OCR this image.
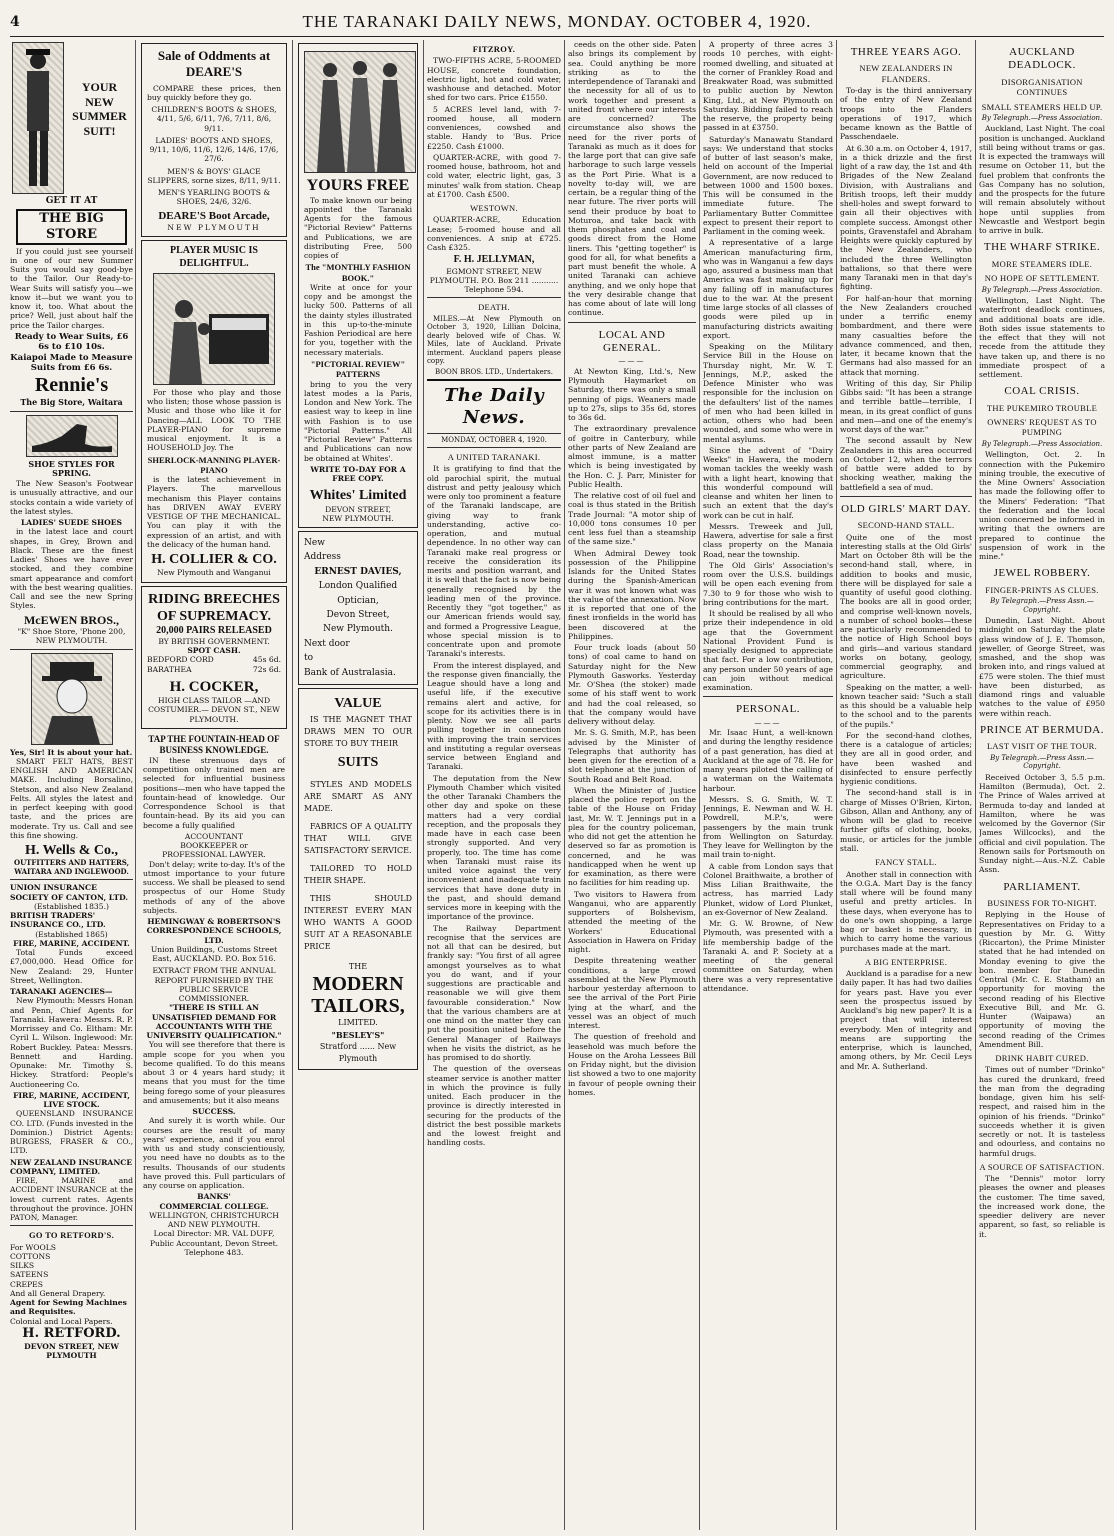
4	THE TARANAKI DAILY NEWS, MONDAY. OCTOBER 4, 1920.
YOUR
NEW
SUMMER
SUIT!
GET IT AT
THE BIG STORE
If you could just see yourself in one of our new Summer Suits you would say good-bye to the Tailor. Our Ready-to-Wear Suits will satisfy you—we know it—but we want you to know it, too. What about the price? Well, just about half the price the Tailor charges.
Ready to Wear Suits, £6 6s to £10 10s.
Kaiapoi Made to Measure Suits from £6 6s.
Rennie's
The Big Store, Waitara
SHOE STYLES FOR SPRING.
The New Season's Footwear is unusually attractive, and our stocks contain a wide variety of the latest styles.
LADIES' SUEDE SHOES
in the latest lace and court shapes, in Grey, Brown and Black. These are the finest Ladies' Shoes we have ever stocked, and they combine smart appearance and comfort with the best wearing qualities. Call and see the new Spring Styles.
McEWEN BROS.,
"K" Shoe Store, 'Phone 200, NEW PLYMOUTH.
Yes, Sir! It is about your hat.
SMART FELT HATS, BEST ENGLISH AND AMERICAN MAKE. Including Borsalino, Stetson, and also New Zealand Felts. All styles the latest and in perfect keeping with good taste, and the prices are moderate. Try us. Call and see this fine showing.
H. Wells & Co.,
OUTFITTERS AND HATTERS, WAITARA AND INGLEWOOD.
UNION INSURANCE SOCIETY OF CANTON, LTD.
(Established 1835.)
BRITISH TRADERS' INSURANCE CO., LTD.
(Established 1865)
FIRE, MARINE, ACCIDENT.
Total Funds exceed £7,000,000. Head Office for New Zealand: 29, Hunter Street, Wellington.
TARANAKI AGENCIES—
New Plymouth: Messrs Honan and Penn, Chief Agents for Taranaki. Hawera: Messrs. R. P. Morrissey and Co. Eltham: Mr. Cyril L. Wilson. Inglewood: Mr. Robert Buckley. Patea: Messrs. Bennett and Harding. Opunake: Mr. Timothy S. Hickey. Stratford: People's Auctioneering Co.
FIRE, MARINE, ACCIDENT, LIVE STOCK.
QUEENSLAND INSURANCE CO. LTD. (Funds invested in the Dominion.) District Agents: BURGESS, FRASER & CO., LTD.
NEW ZEALAND INSURANCE COMPANY, LIMITED.
FIRE, MARINE and ACCIDENT INSURANCE at the lowest current rates. Agents throughout the province. JOHN PATON, Manager.
GO TO RETFORD'S.
For WOOLS
COTTONS
SILKS
SATEENS
CREPES
And all General Drapery.
Agent for Sewing Machines and Requisites.
Colonial and Local Papers.
H. RETFORD.
DEVON STREET, NEW PLYMOUTH
Sale of Oddments at DEARE'S
COMPARE these prices, then buy quickly before they go.
CHILDREN'S BOOTS & SHOES, 4/11, 5/6, 6/11, 7/6, 7/11, 8/6, 9/11.
LADIES' BOOTS AND SHOES, 9/11, 10/6, 11/6, 12/6, 14/6, 17/6, 27/6.
MEN'S & BOYS' GLACE SLIPPERS, sorne sizes, 8/11, 9/11.
MEN'S YEARLING BOOTS & SHOES, 24/6, 32/6.
DEARE'S Boot Arcade,
NEW PLYMOUTH
PLAYER MUSIC IS DELIGHTFUL.
For those who play and those who listen; those whose passion is Music and those who like it for Dancing—ALL LOOK TO THE PLAYER-PIANO for supreme musical enjoyment. It is a HOUSEHOLD Joy. The
SHERLOCK-MANNING PLAYER-PIANO
is the latest achievement in Players. The marvellous mechanism this Player contains has DRIVEN AWAY EVERY VESTIGE OF THE MECHANICAL. You can play it with the expression of an artist, and with the delicacy of the human hand.
H. COLLIER & CO.
New Plymouth and Wanganui
RIDING BREECHES OF SUPREMACY.
20,000 PAIRS RELEASED
BY BRITISH GOVERNMENT.
SPOT CASH.
BEDFORD CORD	45s 6d.
BARATHEA	72s 6d.
H. COCKER,
HIGH CLASS TAILOR —AND COSTUMIER.— DEVON ST., NEW PLYMOUTH.
TAP THE FOUNTAIN-HEAD OF BUSINESS KNOWLEDGE.
IN these strenuous days of competition only trained men are selected for influential business positions—men who have tapped the fountain-head of knowledge. Our Correspondence School is that fountain-head. By its aid you can become a fully qualified
ACCOUNTANT
BOOKKEEPER or
PROFESSIONAL LAWYER.
Don't delay; write to-day. It's of the utmost importance to your future success. We shall be pleased to send prospectus of our Home Study methods of any of the above subjects.
HEMINGWAY & ROBERTSON'S CORRESPONDENCE SCHOOLS, LTD.
Union Buildings, Customs Street East, AUCKLAND. P.O. Box 516.
EXTRACT FROM THE ANNUAL REPORT FURNISHED BY THE PUBLIC SERVICE COMMISSIONER.
"THERE IS STILL AN UNSATISFIED DEMAND FOR ACCOUNTANTS WITH THE UNIVERSITY QUALIFICATION."
You will see therefore that there is ample scope for you when you become qualified. To do this means about 3 or 4 years hard study; it means that you must for the time being forego some of your pleasures and amusements; but it also means
SUCCESS.
And surely it is worth while. Our courses are the result of many years' experience, and if you enrol with us and study conscientiously, you need have no doubts as to the results. Thousands of our students have proved this. Full particulars of any course on application.
BANKS'
COMMERCIAL COLLEGE.
WELLINGTON, CHRISTCHURCH AND NEW PLYMOUTH.
Local Director: MR. VAL DUFF,
Public Accountant, Devon Street. Telephone 483.
YOURS FREE
To make known our being appointed the Taranaki Agents for the famous "Pictorial Review" Patterns and Publications, we are distributing Free, 500 copies of
The "MONTHLY FASHION BOOK."
Write at once for your copy and be amongst the lucky 500. Patterns of all the dainty styles illustrated in this up-to-the-minute Fashion Periodical are here for you, together with the necessary materials.
"PICTORIAL REVIEW" PATTERNS
bring to you the very latest modes a la Paris, London and New York. The easiest way to keep in line with Fashion is to use "Pictorial Patterns." All "Pictorial Review" Patterns and Publications can now be obtained at Whites'.
WRITE TO-DAY FOR A FREE COPY.
Whites' Limited
DEVON STREET,
NEW PLYMOUTH.
New
Address
ERNEST DAVIES,
London Qualified Optician,
Devon Street,
New Plymouth.
Next door
to
Bank of Australasia.
VALUE
IS THE MAGNET THAT DRAWS MEN TO OUR STORE TO BUY THEIR
SUITS
STYLES AND MODELS ARE SMART AS ANY MADE.
FABRICS OF A QUALITY THAT WILL GIVE SATISFACTORY SERVICE.
TAILORED TO HOLD THEIR SHAPE.
THIS SHOULD INTEREST EVERY MAN WHO WANTS A GOOD SUIT AT A REASONABLE PRICE
THE
MODERN TAILORS,
LIMITED.
"BESLEY'S"
Stratford ...... New Plymouth
FITZROY.
TWO-FIFTHS ACRE, 5-ROOMED HOUSE, concrete foundation, electric light, hot and cold water, washhouse and detached. Motor shed for two cars. Price £1550.
5 ACRES level land, with 7-roomed house, all modern conveniences, cowshed and stable. Handy to 'Bus. Price £2250. Cash £1000.
QUARTER-ACRE, with good 7-roomed house, bathroom, hot and cold water, electric light, gas, 3 minutes' walk from station. Cheap at £1700. Cash £500.
WESTOWN.
QUARTER-ACRE, Education Lease; 5-roomed house and all conveniences. A snip at £725. Cash £325.
F. H. JELLYMAN,
EGMONT STREET, NEW PLYMOUTH. P.O. Box 211 ........... Telephone 594.
DEATH.
MILES.—At New Plymouth on October 3, 1920, Lillian Dolcina, dearly beloved wife of Chas. W. Miles, late of Auckland. Private interment. Auckland papers please copy.
BOON BROS. LTD., Undertakers.
The Daily News.
MONDAY, OCTOBER 4, 1920.
A UNITED TARANAKI.
It is gratifying to find that the old parochial spirit, the mutual distrust and petty jealousy which were only too prominent a feature of the Taranaki landscape, are giving way to frank understanding, active co-operation, and mutual dependence. In no other way can Taranaki make real progress or receive the consideration its merits and position warrant, and it is well that the fact is now being generally recognised by the leading men of the province. Recently they "got together," as our American friends would say, and formed a Progressive League, whose special mission is to concentrate upon and promote Taranaki's interests.
From the interest displayed, and the response given financially, the League should have a long and useful life, if the executive remains alert and active, for scope for its activities there is in plenty. Now we see all parts pulling together in connection with improving the train services and instituting a regular overseas service between England and Taranaki.
The deputation from the New Plymouth Chamber which visited the other Taranaki Chambers the other day and spoke on these matters had a very cordial reception, and the proposals they made have in each case been strongly supported. And very properly, too. The time has come when Taranaki must raise its united voice against the very inconvenient and inadequate train services that have done duty in the past, and should demand services more in keeping with the importance of the province.
The Railway Department recognise that the services are not all that can be desired, but frankly say: "You first of all agree amongst yourselves as to what you do want, and if your suggestions are practicable and reasonable we will give them favourable consideration." Now that the various chambers are at one mind on the matter they can put the position united before the General Manager of Railways when he visits the district, as he has promised to do shortly.
The question of the overseas steamer service is another matter in which the province is fully united. Each producer in the province is directly interested in securing for the products of the district the best possible markets and the lowest freight and handling costs.
ceeds on the other side. Paten also brings its complement by sea. Could anything be more striking as to the interdependence of Taranaki and the necessity for all of us to work together and present a united front where our interests are concerned? The circumstance also shows the need for the river ports of Taranaki as much as it does for the large port that can give safe harborage to such large vessels as the Port Pirie. What is a novelty to-day will, we are certain, be a regular thing of the near future. The river ports will send their produce by boat to Moturoa, and take back with them phosphates and coal and goods direct from the Home liners. This "getting together" is good for all, for what benefits a part must benefit the whole. A united Taranaki can achieve anything, and we only hope that the very desirable change that has come about of late will long continue.
LOCAL AND GENERAL.
———
At Newton King, Ltd.'s, New Plymouth Haymarket on Saturday, there was only a small penning of pigs. Weaners made up to 27s, slips to 35s 6d, stores to 36s 6d.
The extraordinary prevalence of goitre in Canterbury, while other parts of New Zealand are almost immune, is a matter which is being investigated by the Hon. C. J. Parr, Minister for Public Health.
The relative cost of oil fuel and coal is thus stated in the British Trade Journal: "A motor ship of 10,000 tons consumes 10 per cent less fuel than a steamship of the same size."
When Admiral Dewey took possession of the Philippine Islands for the United States during the Spanish-American war it was not known what was the value of the annexation. Now it is reported that one of the finest ironfields in the world has been discovered at the Philippines.
Four truck loads (about 50 tons) of coal came to hand on Saturday night for the New Plymouth Gasworks. Yesterday Mr. O'Shea (the stoker) made some of his staff went to work and had the coal released, so that the company would have delivery without delay.
Mr. S. G. Smith, M.P., has been advised by the Minister of Telegraphs that authority has been given for the erection of a slot telephone at the junction of South Road and Belt Road.
When the Minister of Justice placed the police report on the table of the House on Friday last, Mr. W. T. Jennings put in a plea for the country policeman, who did not get the attention he deserved so far as promotion is concerned, and he was handicapped when he went up for examination, as there were no facilities for him reading up.
Two visitors to Hawera from Wanganui, who are apparently supporters of Bolshevism, attended the meeting of the Workers' Educational Association in Hawera on Friday night.
Despite threatening weather conditions, a large crowd assembled at the New Plymouth harbour yesterday afternoon to see the arrival of the Port Pirie lying at the wharf, and the vessel was an object of much interest.
The question of freehold and leasehold was much before the House on the Aroha Lessees Bill on Friday night, but the division list showed a two to one majority in favour of people owning their homes.
A property of three acres 3 roods 10 perches, with eight-roomed dwelling, and situated at the corner of Frankley Road and Breakwater Road, was submitted to public auction by Newton King, Ltd., at New Plymouth on Saturday. Bidding failed to reach the reserve, the property being passed in at £3750.
Saturday's Manawatu Standard says: We understand that stocks of butter of last season's make, held on account of the Imperial Government, are now reduced to between 1000 and 1500 boxes. This will be consumed in the immediate future. The Parliamentary Butter Committee expect to present their report to Parliament in the coming week.
A representative of a large American manufacturing firm, who was in Wanganui a few days ago, assured a business man that America was fast making up for any falling off in manufactures due to the war. At the present time large stocks of all classes of goods were piled up in manufacturing districts awaiting export.
Speaking on the Military Service Bill in the House on Thursday night, Mr. W. T. Jennings, M.P., asked the Defence Minister who was responsible for the inclusion on the defaulters' list of the names of men who had been killed in action, others who had been wounded, and some who were in mental asylums.
Since the advent of "Dairy Weeks" in Hawera, the modern woman tackles the weekly wash with a light heart, knowing that this wonderful compound will cleanse and whiten her linen to such an extent that the day's work can be cut in half.
Messrs. Treweek and Jull, Hawera, advertise for sale a first class property on the Manaia Road, near the township.
The Old Girls' Association's room over the U.S.S. buildings will be open each evening from 7.30 to 9 for those who wish to bring contributions for the mart.
It should be realised by all who prize their independence in old age that the Government National Provident Fund is specially designed to appreciate that fact. For a low contribution, any person under 50 years of age can join without medical examination.
PERSONAL.
———
Mr. Isaac Hunt, a well-known and during the lengthy residence of a past generation, has died at Auckland at the age of 78. He for many years piloted the calling of a waterman on the Waitemata harbour.
Messrs. S. G. Smith, W. T. Jennings, E. Newman and W. H. Powdrell, M.P.'s, were passengers by the main trunk from Wellington on Saturday. They leave for Wellington by the mail train to-night.
A cable from London says that Colonel Braithwaite, a brother of Miss Lilian Braithwaite, the actress, has married Lady Plunket, widow of Lord Plunket, an ex-Governor of New Zealand.
Mr. G. W. Browne, of New Plymouth, was presented with a life membership badge of the Taranaki A. and P. Society at a meeting of the general committee on Saturday, when there was a very representative attendance.
THREE YEARS AGO.
NEW ZEALANDERS IN FLANDERS.
To-day is the third anniversary of the entry of New Zealand troops into the Flanders operations of 1917, which became known as the Battle of Passchendaele.
At 6.30 a.m. on October 4, 1917, in a thick drizzle and the first light of a raw day, the 1st and 4th Brigades of the New Zealand Division, with Australians and British troops, left their muddy shell-holes and swept forward to gain all their objectives with complete success. Amongst other points, Gravenstafel and Abraham Heights were quickly captured by the New Zealanders, who included the three Wellington battalions, so that there were many Taranaki men in that day's fighting.
For half-an-hour that morning the New Zealanders crouched under a terrific enemy bombardment, and there were many casualties before the advance commenced, and then, later, it became known that the Germans had also massed for an attack that morning.
Writing of this day, Sir Philip Gibbs said: "It has been a strange and terrible battle—terrible, I mean, in its great conflict of guns and men—and one of the enemy's worst days of the war."
The second assault by New Zealanders in this area occurred on October 12, when the terrors of battle were added to by shocking weather, making the battlefield a sea of mud.
OLD GIRLS' MART DAY.
SECOND-HAND STALL.
Quite one of the most interesting stalls at the Old Girls' Mart on October 8th will be the second-hand stall, where, in addition to books and music, there will be displayed for sale a quantity of useful good clothing. The books are all in good order, and comprise well-known novels, a number of school books—these are particularly recommended to the notice of High School boys and girls—and various standard works on botany, geology, commercial geography, and agriculture.
Speaking on the matter, a well-known teacher said: "Such a stall as this should be a valuable help to the school and to the parents of the pupils."
For the second-hand clothes, there is a catalogue of articles; they are all in good order, and have been washed and disinfected to ensure perfectly hygienic conditions.
The second-hand stall is in charge of Misses O'Brien, Kirton, Gibson, Allan and Anthony, any of whom will be glad to receive further gifts of clothing, books, music, or articles for the jumble stall.
FANCY STALL.
Another stall in connection with the O.G.A. Mart Day is the fancy stall where will be found many useful and pretty articles. In these days, when everyone has to do one's own shopping, a large bag or basket is necessary, in which to carry home the various purchases made at the mart.
A BIG ENTERPRISE.
Auckland is a paradise for a new daily paper. It has had two dailies for years past. Have you ever seen the prospectus issued by Auckland's big new paper? It is a project that will interest everybody. Men of integrity and means are supporting the enterprise, which is launched, among others, by Mr. Cecil Leys and Mr. A. Sutherland.
AUCKLAND DEADLOCK.
DISORGANISATION CONTINUES
SMALL STEAMERS HELD UP.
By Telegraph.—Press Association.
Auckland, Last Night. The coal position is unchanged. Auckland still being without trams or gas. It is expected the tramways will resume on October 11, but the fuel problem that confronts the Gas Company has no solution, and the prospects for the future will remain absolutely without hope until supplies from Newcastle and Westport begin to arrive in bulk.
THE WHARF STRIKE.
MORE STEAMERS IDLE.
NO HOPE OF SETTLEMENT.
By Telegraph.—Press Association.
Wellington, Last Night. The waterfront deadlock continues, and additional boats are idle. Both sides issue statements to the effect that they will not recede from the attitude they have taken up, and there is no immediate prospect of a settlement.
COAL CRISIS.
THE PUKEMIRO TROUBLE
OWNERS' REQUEST AS TO PUMPING
By Telegraph.—Press Association.
Wellington, Oct. 2. In connection with the Pukemiro mining trouble, the executive of the Mine Owners' Association has made the following offer to the Miners' Federation: "That the federation and the local union concerned be informed in writing that the owners are prepared to continue the suspension of work in the mine."
JEWEL ROBBERY.
FINGER-PRINTS AS CLUES.
By Telegraph.—Press Assn.—Copyright.
Dunedin, Last Night. About midnight on Saturday the plate glass window of J. E. Thomson, jeweller, of George Street, was smashed, and the shop was broken into, and rings valued at £75 were stolen. The thief must have been disturbed, as diamond rings and valuable watches to the value of £950 were within reach.
PRINCE AT BERMUDA.
LAST VISIT OF THE TOUR.
By Telegraph.—Press Assn.—Copyright.
Received October 3, 5.5 p.m. Hamilton (Bermuda), Oct. 2. The Prince of Wales arrived at Bermuda to-day and landed at Hamilton, where he was welcomed by the Governor (Sir James Willcocks), and the official and civil population. The Renown sails for Portsmouth on Sunday night.—Aus.-N.Z. Cable Assn.
PARLIAMENT.
BUSINESS FOR TO-NIGHT.
Replying in the House of Representatives on Friday to a question by Mr. G. Witty (Riccarton), the Prime Minister stated that he had intended on Monday evening to give the bon. member for Dunedin Central (Mr. C. E. Statham) an opportunity for moving the second reading of his Elective Executive Bill, and Mr. G. Hunter (Waipawa) an opportunity of moving the second reading of the Crimes Amendment Bill.
DRINK HABIT CURED.
Times out of number "Drinko" has cured the drunkard, freed the man from the degrading bondage, given him his self-respect, and raised him in the opinion of his friends. "Drinko" succeeds whether it is given secretly or not. It is tasteless and odourless, and contains no harmful drugs.
A SOURCE OF SATISFACTION.
The "Dennis" motor lorry pleases the owner and pleases the customer. The time saved, the increased work done, the speedier delivery are never apparent, so fast, so reliable is it.
